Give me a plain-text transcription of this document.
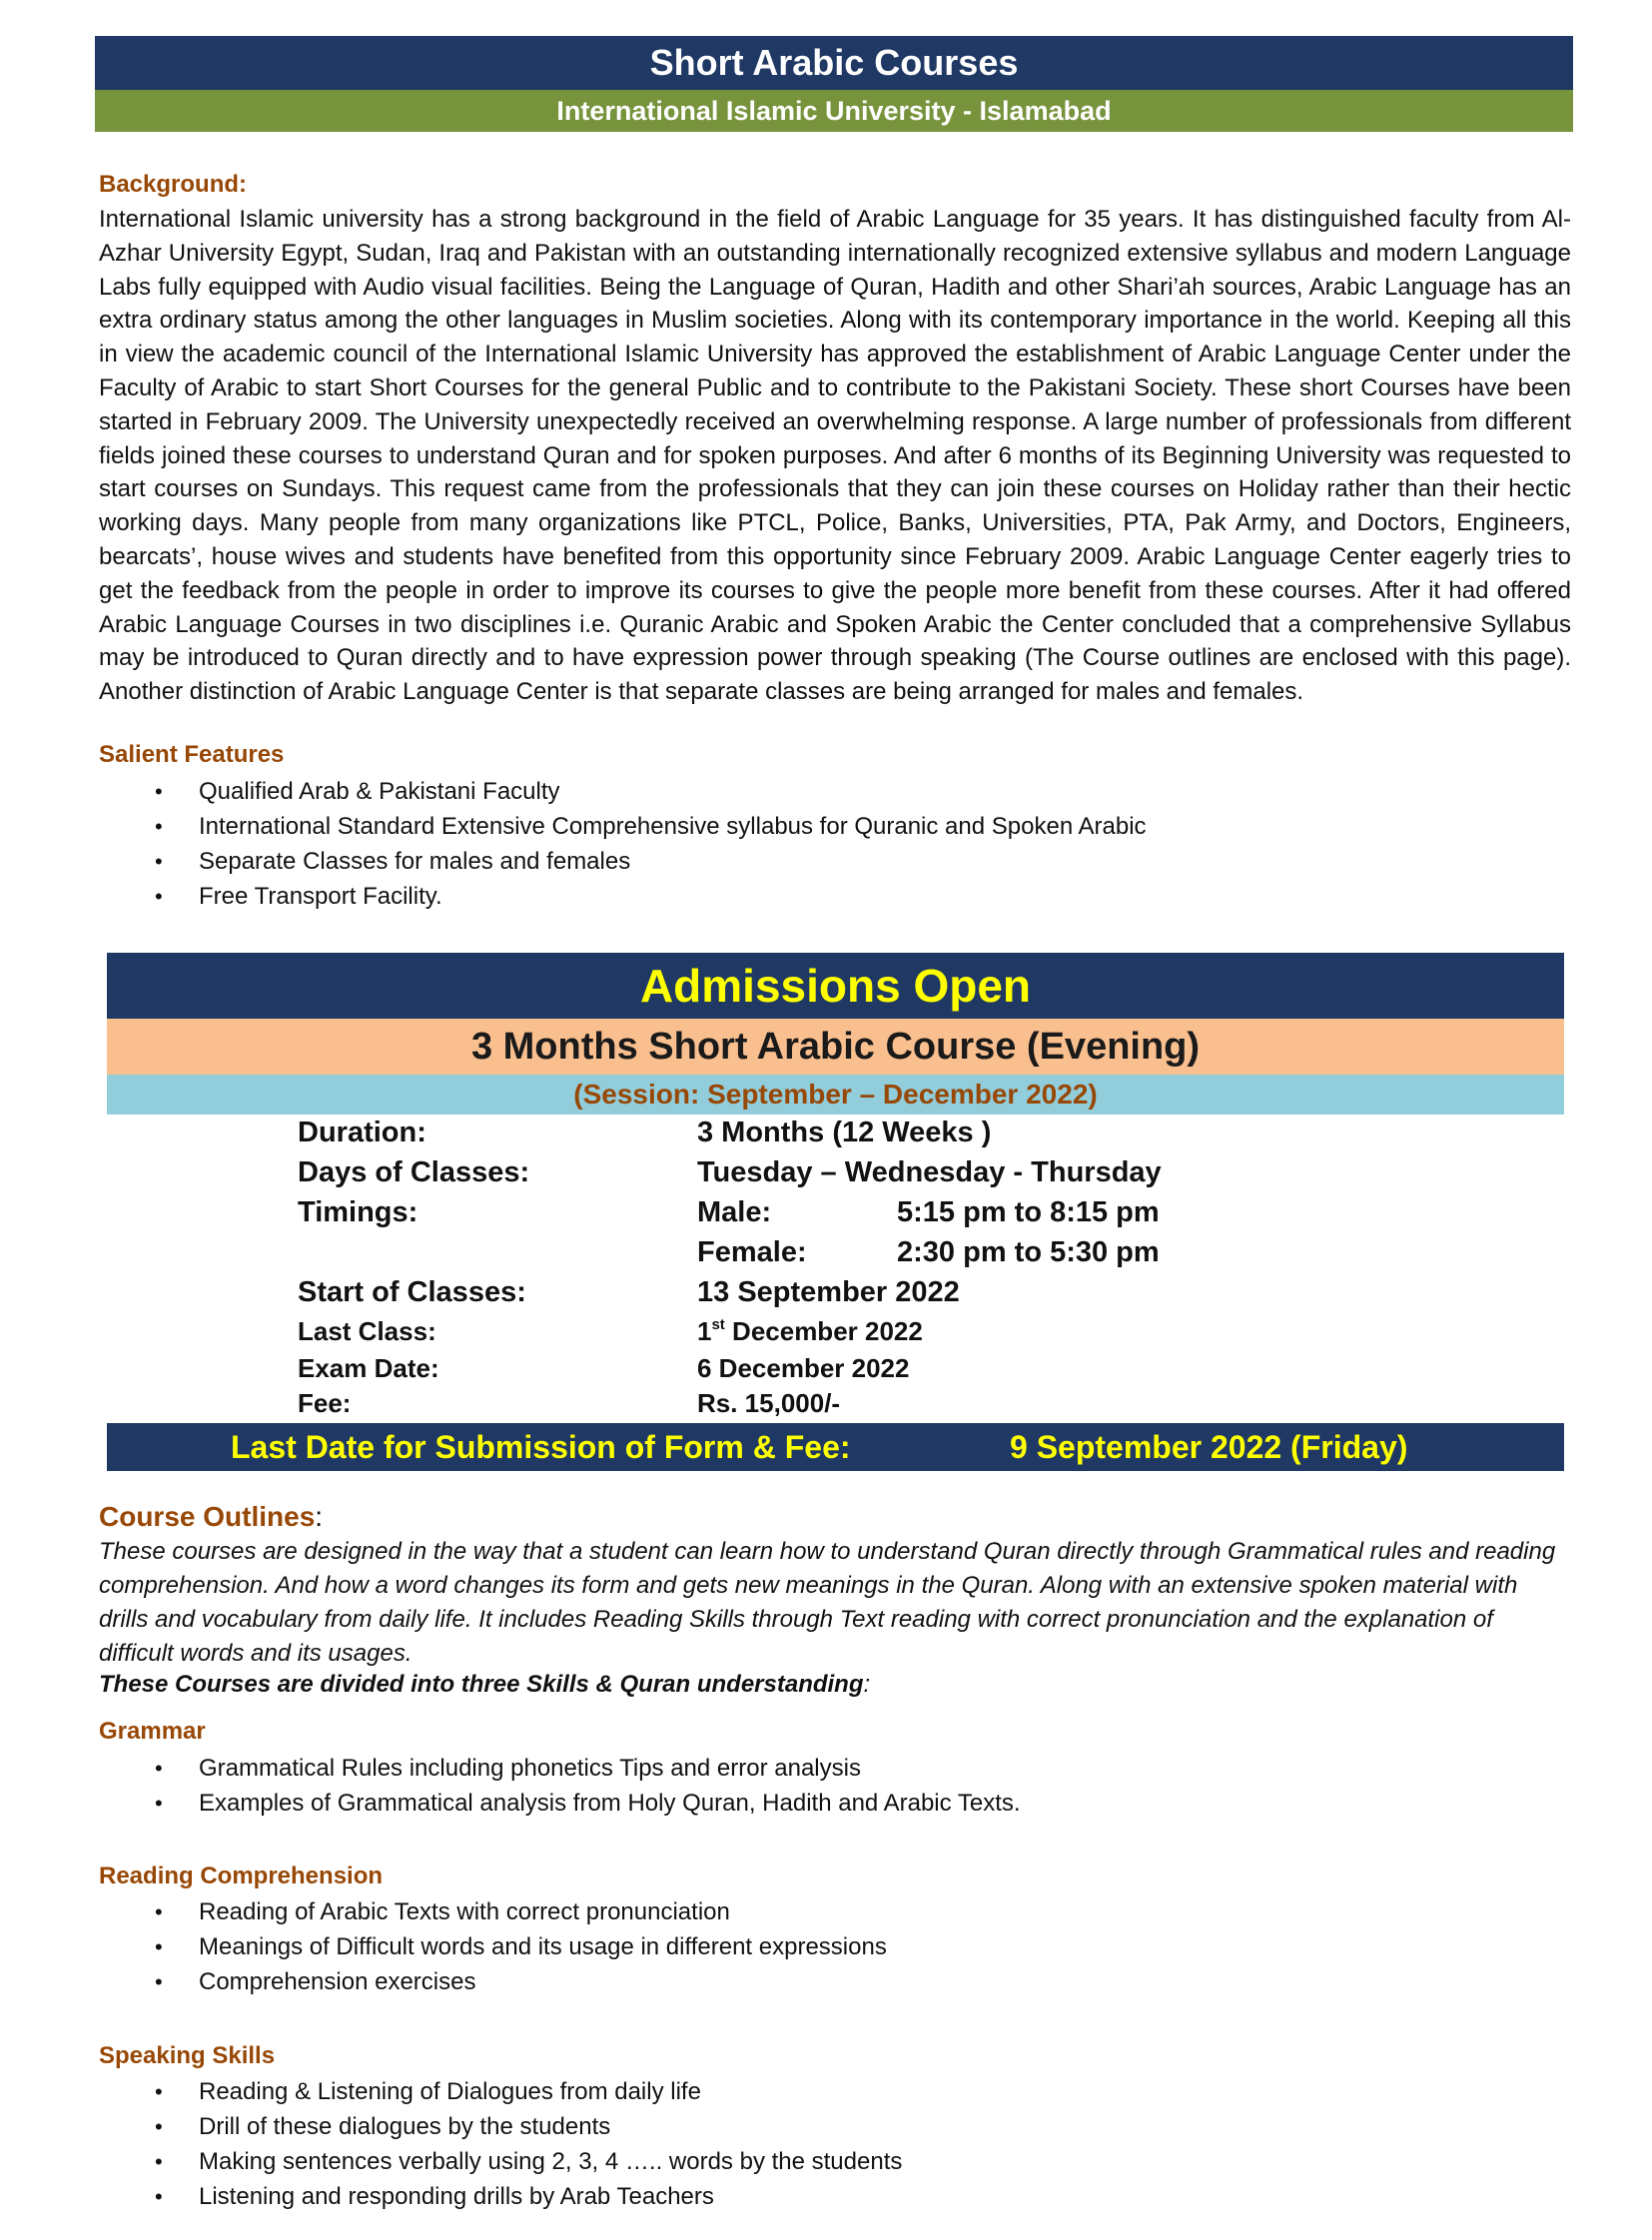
Short Arabic Courses
International Islamic University - Islamabad
Background:
International Islamic university has a strong background in the field of Arabic Language for 35 years. It has distinguished faculty from Al-Azhar University Egypt, Sudan, Iraq and Pakistan with an outstanding internationally recognized extensive syllabus and modern Language Labs fully equipped with Audio visual facilities. Being the Language of Quran, Hadith and other Shari’ah sources, Arabic Language has an extra ordinary status among the other languages in Muslim societies. Along with its contemporary importance in the world. Keeping all this in view the academic council of the International Islamic University has approved the establishment of Arabic Language Center under the Faculty of Arabic to start Short Courses for the general Public and to contribute to the Pakistani Society. These short Courses have been started in February 2009. The University unexpectedly received an overwhelming response. A large number of professionals from different fields joined these courses to understand Quran and for spoken purposes. And after 6 months of its Beginning University was requested to start courses on Sundays. This request came from the professionals that they can join these courses on Holiday rather than their hectic working days. Many people from many organizations like PTCL, Police, Banks, Universities, PTA, Pak Army, and Doctors, Engineers, bearcats’, house wives and students have benefited from this opportunity since February 2009. Arabic Language Center eagerly tries to get the feedback from the people in order to improve its courses to give the people more benefit from these courses. After it had offered Arabic Language Courses in two disciplines i.e. Quranic Arabic and Spoken Arabic the Center concluded that a comprehensive Syllabus may be introduced to Quran directly and to have expression power through speaking (The Course outlines are enclosed with this page). Another distinction of Arabic Language Center is that separate classes are being arranged for males and females.
Salient Features
• Qualified Arab & Pakistani Faculty
• International Standard Extensive Comprehensive syllabus for Quranic and Spoken Arabic
• Separate Classes for males and females
• Free Transport Facility.
Admissions Open
3 Months Short Arabic Course (Evening)
(Session: September – December 2022)
Duration:	3 Months (12 Weeks )
Days of Classes:	Tuesday – Wednesday - Thursday
Timings:	Male:	5:15 pm to 8:15 pm
Female:	2:30 pm to 5:30 pm
Start of Classes:	13 September 2022
Last Class:	1st December 2022
Exam Date:	6 December 2022
Fee:	Rs. 15,000/-
Last Date for Submission of Form & Fee:	9 September 2022 (Friday)
Course Outlines:
These courses are designed in the way that a student can learn how to understand Quran directly through Grammatical rules and reading comprehension. And how a word changes its form and gets new meanings in the Quran. Along with an extensive spoken material with drills and vocabulary from daily life. It includes Reading Skills through Text reading with correct pronunciation and the explanation of difficult words and its usages.
These Courses are divided into three Skills & Quran understanding:
Grammar
• Grammatical Rules including phonetics Tips and error analysis
• Examples of Grammatical analysis from Holy Quran, Hadith and Arabic Texts.
Reading Comprehension
• Reading of Arabic Texts with correct pronunciation
• Meanings of Difficult words and its usage in different expressions
• Comprehension exercises
Speaking Skills
• Reading & Listening of Dialogues from daily life
• Drill of these dialogues by the students
• Making sentences verbally using 2, 3, 4 ….. words by the students
• Listening and responding drills by Arab Teachers
